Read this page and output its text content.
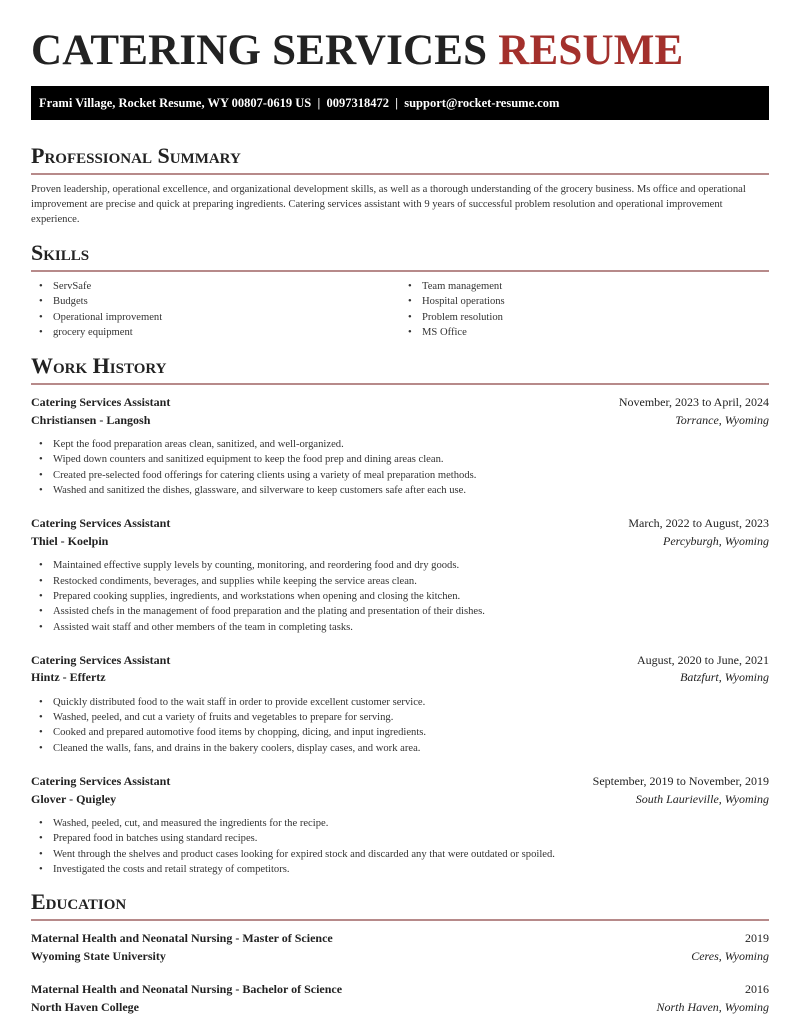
CATERING SERVICES RESUME
Frami Village, Rocket Resume, WY 00807-0619 US | 0097318472 | support@rocket-resume.com
Professional Summary

Proven leadership, operational excellence, and organizational development skills, as well as a thorough understanding of the grocery business. Ms office and operational improvement are precise and quick at preparing ingredients. Catering services assistant with 9 years of successful problem resolution and operational improvement experience.

Skills
• ServSafe
• Budgets
• Operational improvement
• grocery equipment
• Team management
• Hospital operations
• Problem resolution
• MS Office
Work History
Catering Services Assistant	November, 2023 to April, 2024
Christiansen - Langosh	Torrance, Wyoming
• Kept the food preparation areas clean, sanitized, and well-organized.
• Wiped down counters and sanitized equipment to keep the food prep and dining areas clean.
• Created pre-selected food offerings for catering clients using a variety of meal preparation methods.
• Washed and sanitized the dishes, glassware, and silverware to keep customers safe after each use.
Catering Services Assistant	March, 2022 to August, 2023
Thiel - Koelpin	Percyburgh, Wyoming
• Maintained effective supply levels by counting, monitoring, and reordering food and dry goods.
• Restocked condiments, beverages, and supplies while keeping the service areas clean.
• Prepared cooking supplies, ingredients, and workstations when opening and closing the kitchen.
• Assisted chefs in the management of food preparation and the plating and presentation of their dishes.
• Assisted wait staff and other members of the team in completing tasks.
Catering Services Assistant	August, 2020 to June, 2021
Hintz - Effertz	Batzfurt, Wyoming
• Quickly distributed food to the wait staff in order to provide excellent customer service.
• Washed, peeled, and cut a variety of fruits and vegetables to prepare for serving.
• Cooked and prepared automotive food items by chopping, dicing, and input ingredients.
• Cleaned the walls, fans, and drains in the bakery coolers, display cases, and work area.
Catering Services Assistant	September, 2019 to November, 2019
Glover - Quigley	South Laurieville, Wyoming
• Washed, peeled, cut, and measured the ingredients for the recipe.
• Prepared food in batches using standard recipes.
• Went through the shelves and product cases looking for expired stock and discarded any that were outdated or spoiled.
• Investigated the costs and retail strategy of competitors.
Education
Maternal Health and Neonatal Nursing - Master of Science	2019
Wyoming State University	Ceres, Wyoming
Maternal Health and Neonatal Nursing - Bachelor of Science	2016
North Haven College	North Haven, Wyoming
